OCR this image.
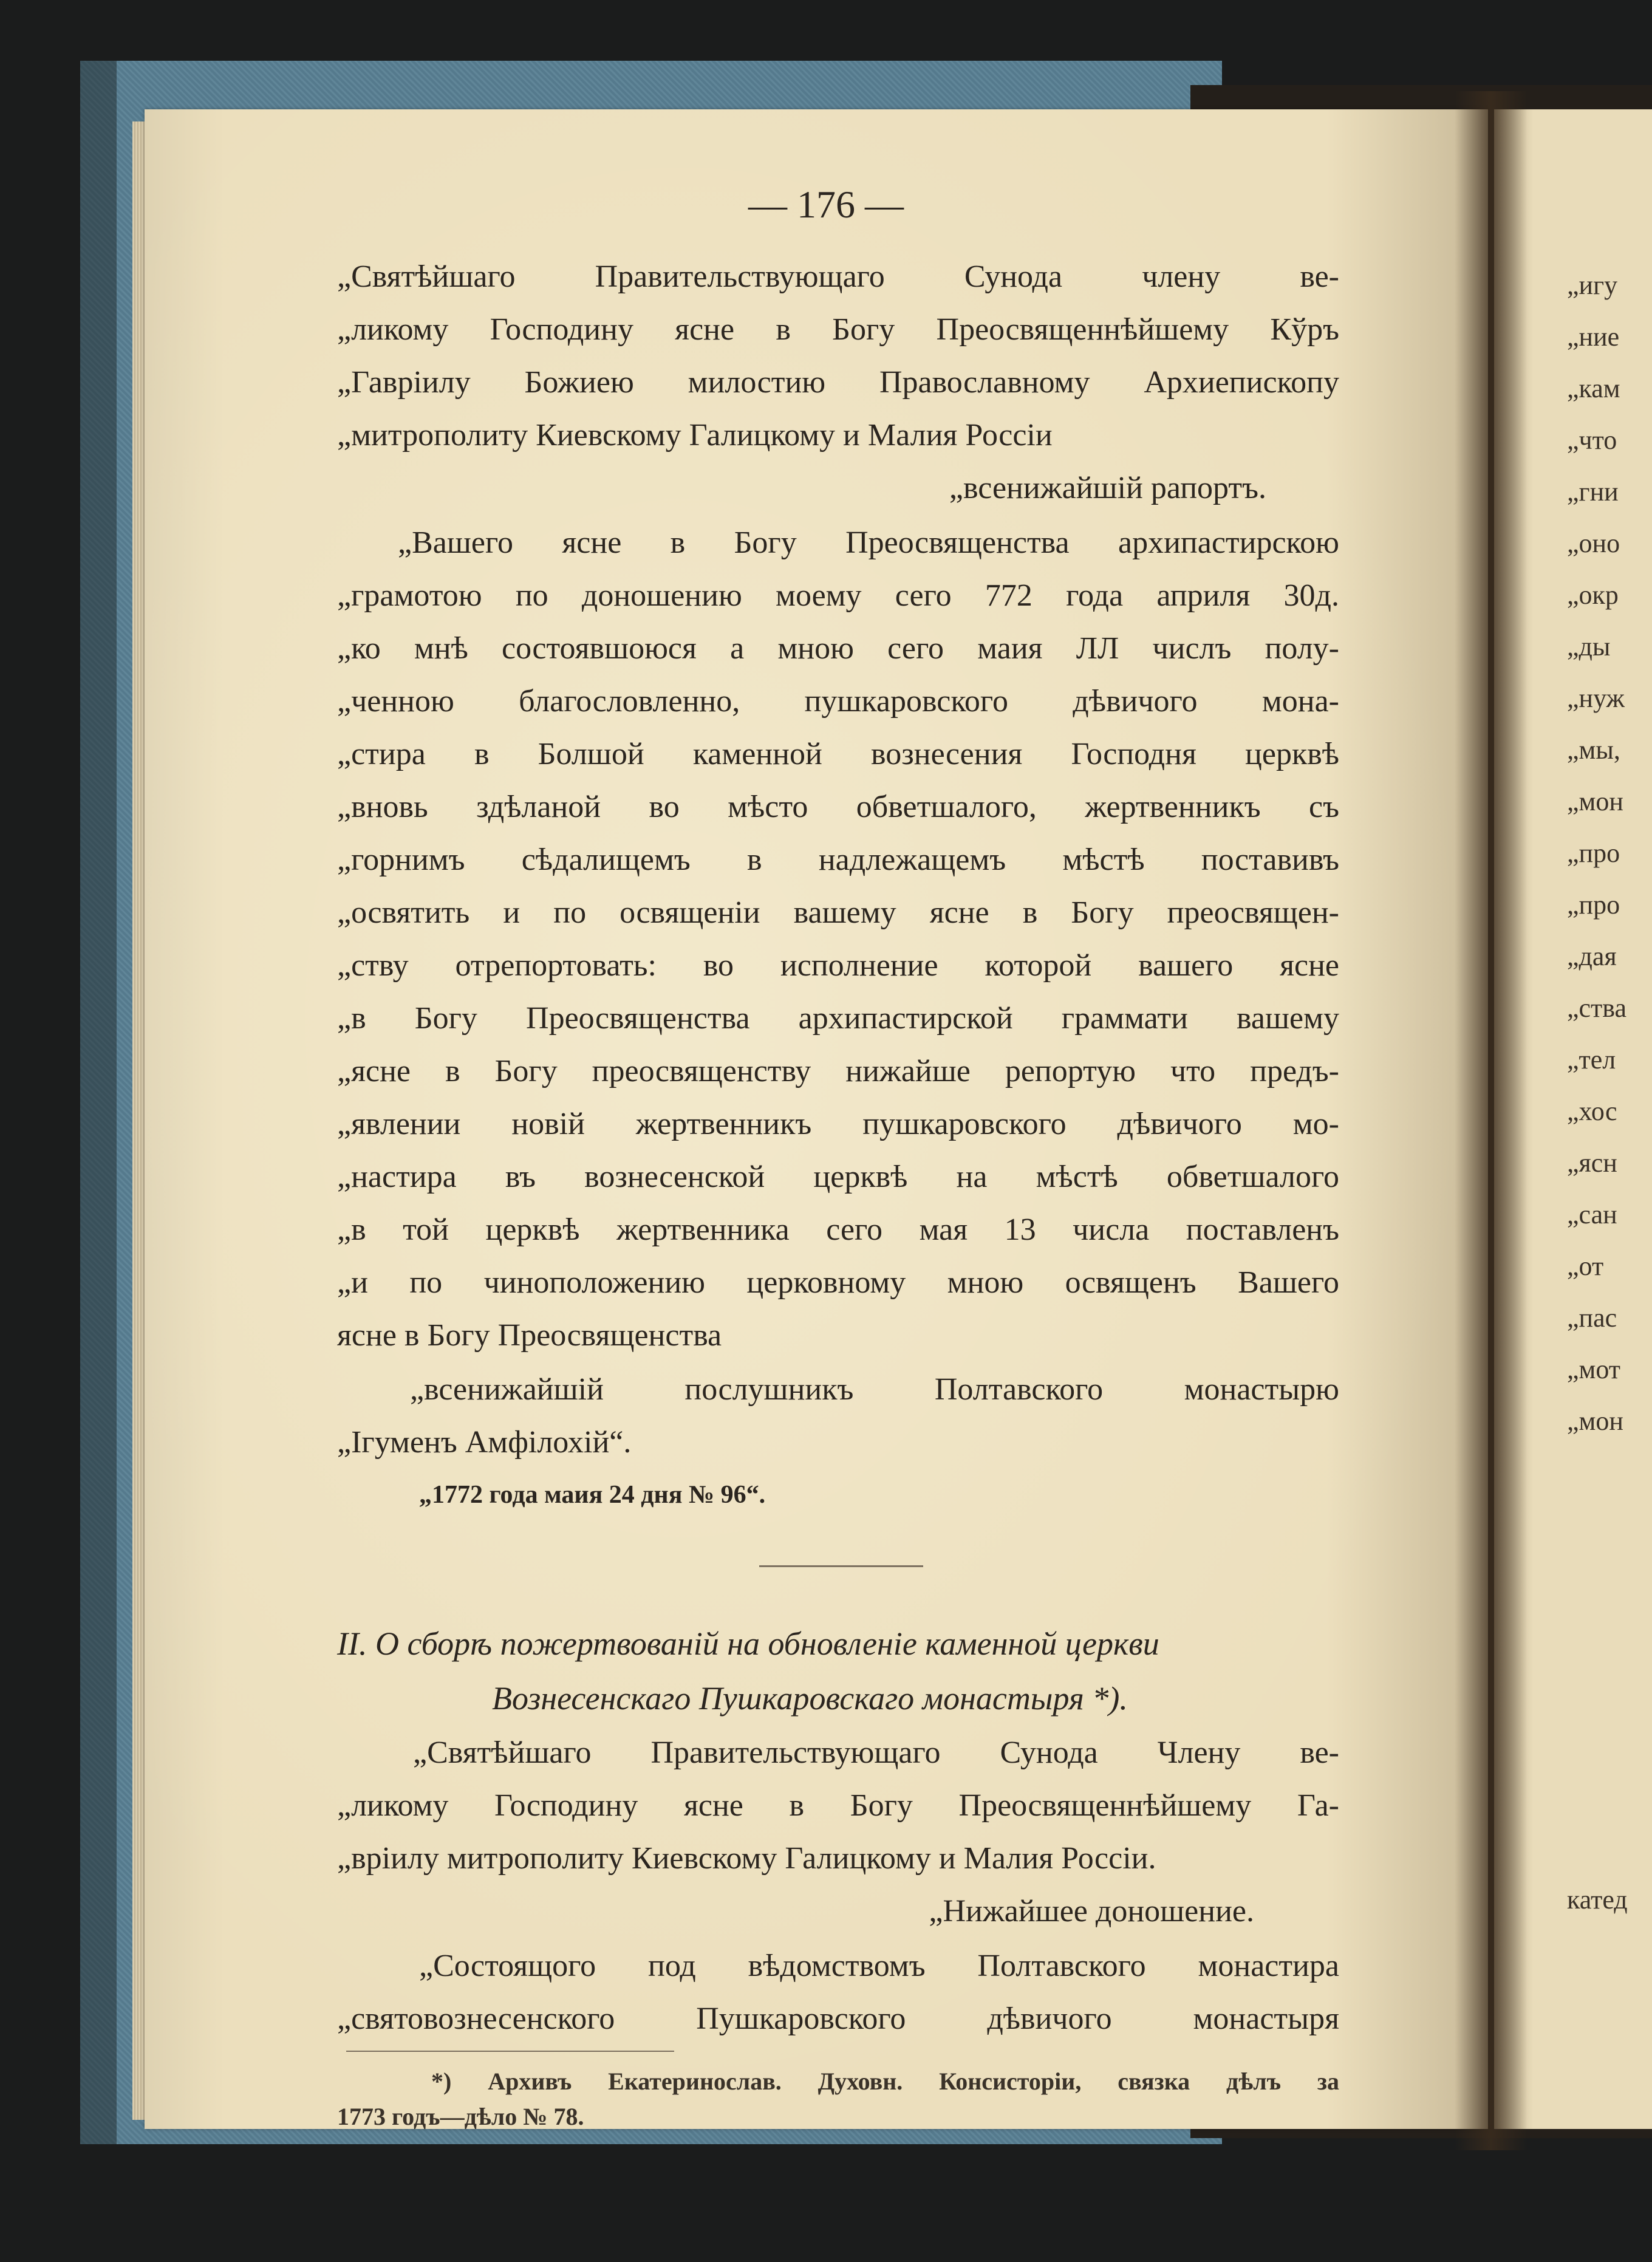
„игу
„ние
„кам
„что
„гни
„оно
„окр
„ды
„нуж
„мы,
„мон
„про
„про
„дая
„ства
„тел
„хос
„ясн
„сан
„от
„пас
„мот
„мон
катед
— 176 —
„Святѣйшаго Правительствующаго Сунода члену ве-
„ликому Господину ясне в Богу Преосвященнѣйшему Кўръ
„Гавріилу Божиею милостию Православному Архиепископу
„митрополиту Киевскому Галицкому и Малия Россіи
„всенижайшій рапортъ.
„Вашего ясне в Богу Преосвященства архипастирскою
„грамотою по доношению моему сего 772 года априля 30д.
„ко мнѣ состоявшоюся а мною сего маия ЛЛ числъ полу-
„ченною благословленно, пушкаровского дѣвичого мона-
„стира в Болшой каменной вознесения Господня церквѣ
„вновь здѣланой во мѣсто обветшалого, жертвенникъ съ
„горнимъ сѣдалищемъ в надлежащемъ мѣстѣ поставивъ
„освятить и по освященіи вашему ясне в Богу преосвящен-
„ству отрепортовать: во исполнение которой вашего ясне
„в Богу Преосвященства архипастирской граммати вашему
„ясне в Богу преосвященству нижайше репортую что предъ-
„явлении новій жертвенникъ пушкаровского дѣвичого мо-
„настира въ вознесенской церквѣ на мѣстѣ обветшалого
„в той церквѣ жертвенника сего мая 13 числа поставленъ
„и по чиноположению церковному мною освященъ Вашего
ясне в Богу Преосвященства
„всенижайшій послушникъ Полтавского монастырю
„Ігуменъ Амфілохій“.
„1772 года маия 24 дня № 96“.
II. О сборѣ пожертвованій на обновленіе каменной церкви
Вознесенскаго Пушкаровскаго монастыря *).
„Святѣйшаго Правительствующаго Сунода Члену ве-
„ликому Господину ясне в Богу Преосвященнѣйшему Га-
„вріилу митрополиту Киевскому Галицкому и Малия Россіи.
„Нижайшее доношение.
„Состоящого под вѣдомствомъ Полтавского монастира
„святовознесенского Пушкаровского дѣвичого монастыря
*) Архивъ Екатеринослав. Духовн. Консисторіи, связка дѣлъ за
1773 годъ—дѣло № 78.
